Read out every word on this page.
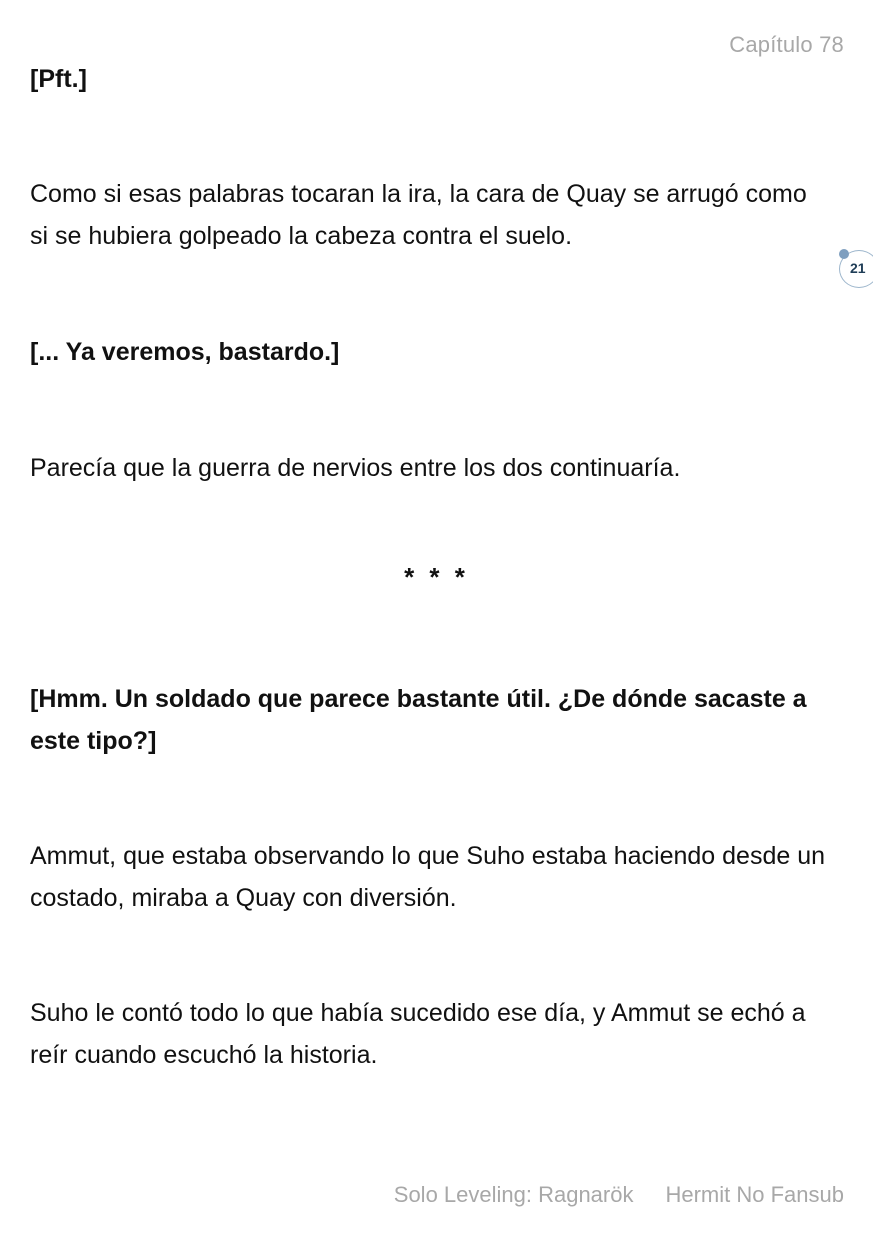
Capítulo 78
21

[Pft.]

Como si esas palabras tocaran la ira, la cara de Quay se arrugó como si se hubiera golpeado la cabeza contra el suelo.

[... Ya veremos, bastardo.]

Parecía que la guerra de nervios entre los dos continuaría.

* * *

[Hmm. Un soldado que parece bastante útil. ¿De dónde sacaste a este tipo?]

Ammut, que estaba observando lo que Suho estaba haciendo desde un costado, miraba a Quay con diversión.

Suho le contó todo lo que había sucedido ese día, y Ammut se echó a reír cuando escuchó la historia.

Solo Leveling: Ragnarök Hermit No Fansub
